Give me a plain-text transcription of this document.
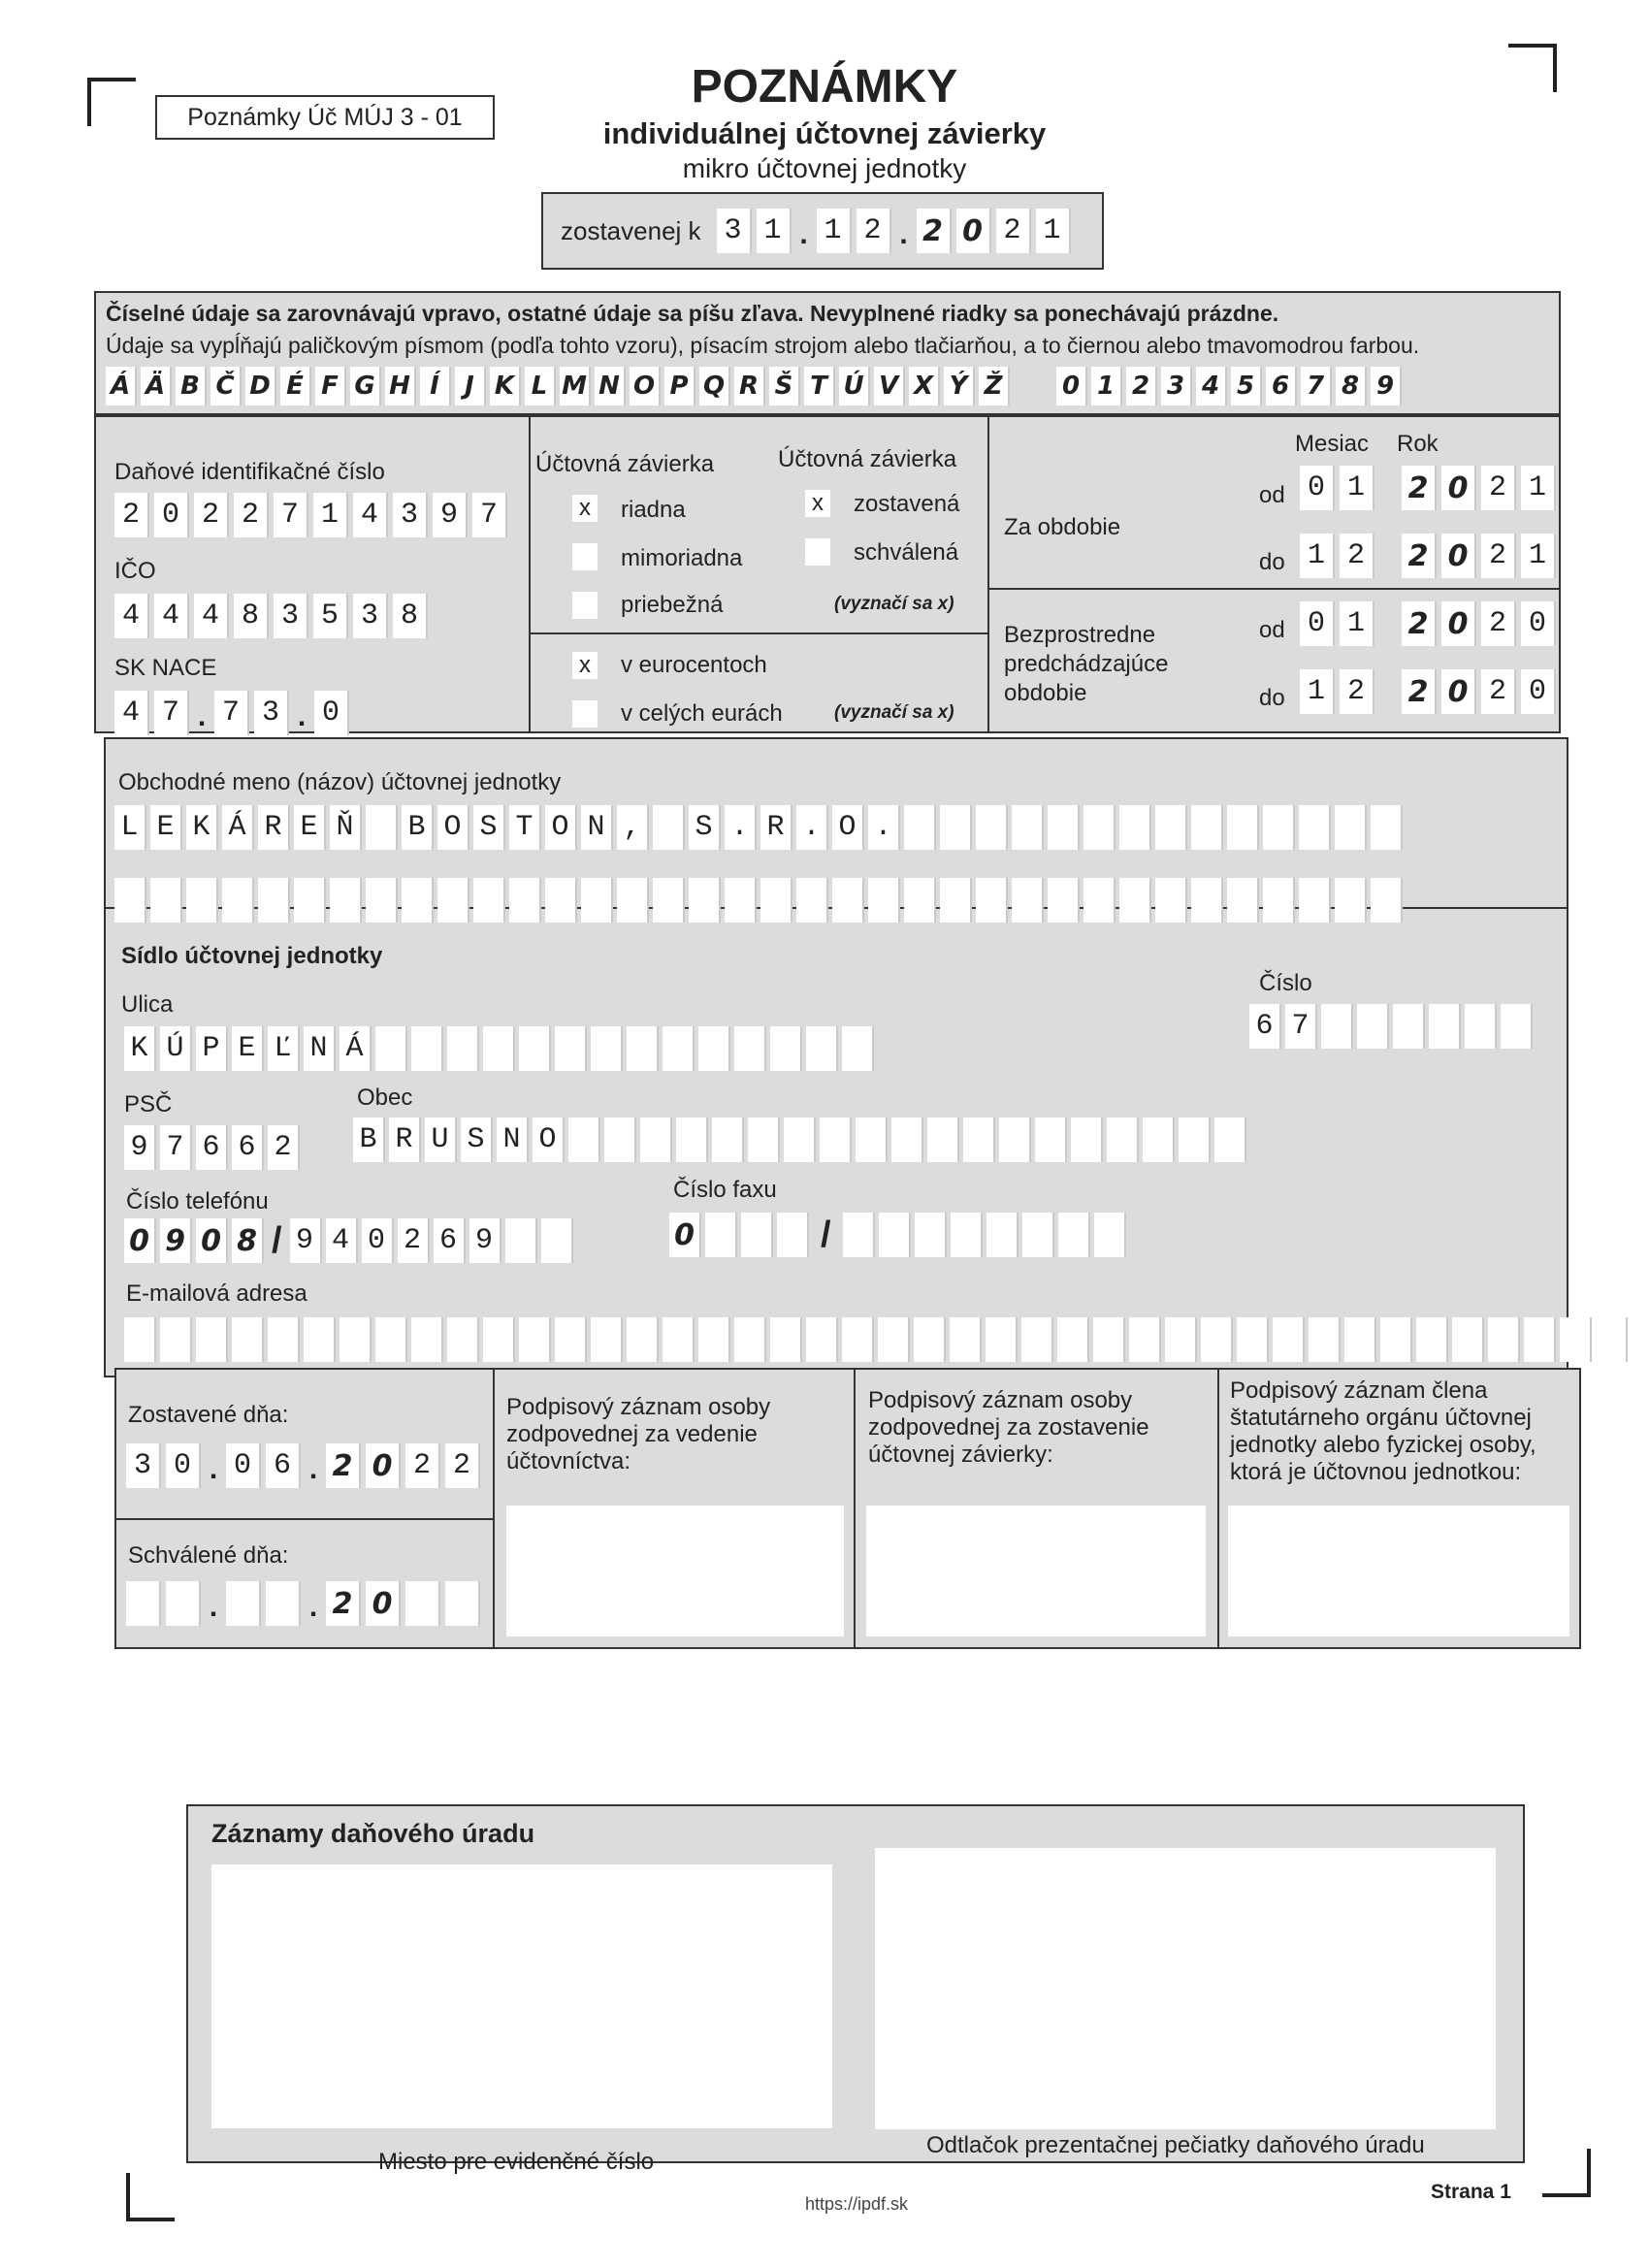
Poznámky Úč MÚJ 3 - 01
POZNÁMKY
individuálnej účtovnej závierky
mikro účtovnej jednotky
zostavenej k 3 1 . 1 2 . 2 0 2 1
Číselné údaje sa zarovnávajú vpravo, ostatné údaje sa píšu zľava. Nevyplnené riadky sa ponechávajú prázdne.
Údaje sa vypĺňajú paličkovým písmom (podľa tohto vzoru), písacím strojom alebo tlačiarňou, a to čiernou alebo tmavomodrou farbou.
Á Ä B Č D É F G H Í	J K L M N O P Q R Š T Ú V X Ý Ž 0 1 2 3 4 5 6 7 8 9
Daňové identifikačné číslo
2 0 2 2 7 1 4 3 9 7
IČO
4 4 4 8 3 5 3 8
SK NACE
4 7 . 7 3 . 0
Účtovná závierka	Účtovná závierka
x riadna
mimoriadna
priebežná
x zostavená
schválená
(vyznačí sa x)
x v eurocentoch
v celých eurách	(vyznačí sa x)
Mesiac Rok
Za obdobie
od
do
0 1	2 0 2 1
1 2	2 0 2 1
Bezprostredne
predchádzajúce
obdobie
od
do
0 1	2 0 2 0
1 2	2 0 2 0
Obchodné meno (názov) účtovnej jednotky
L E K Á R E Ň B O S T O N , S . R . O .
Sídlo účtovnej jednotky
Ulica
K Ú P E Ľ N Á
Číslo
6 7
PSČ
9 7 6 6 2
Obec
B R U S N O
Číslo telefónu
0 9 0 8 / 9 4 0 2 6 9
Číslo faxu
0	/
E-mailová adresa
Zostavené dňa:
3 0 . 0 6 . 2 0 2 2
Schválené dňa:
.	. 2 0
Podpisový záznam osoby zodpovednej za vedenie účtovníctva:
Podpisový záznam osoby zodpovednej za zostavenie účtovnej závierky:
Podpisový záznam člena štatutárneho orgánu účtovnej jednotky alebo fyzickej osoby, ktorá je účtovnou jednotkou:
Záznamy daňového úradu
Miesto pre evidenčné číslo
Odtlačok prezentačnej pečiatky daňového úradu
https://ipdf.sk
Strana 1
